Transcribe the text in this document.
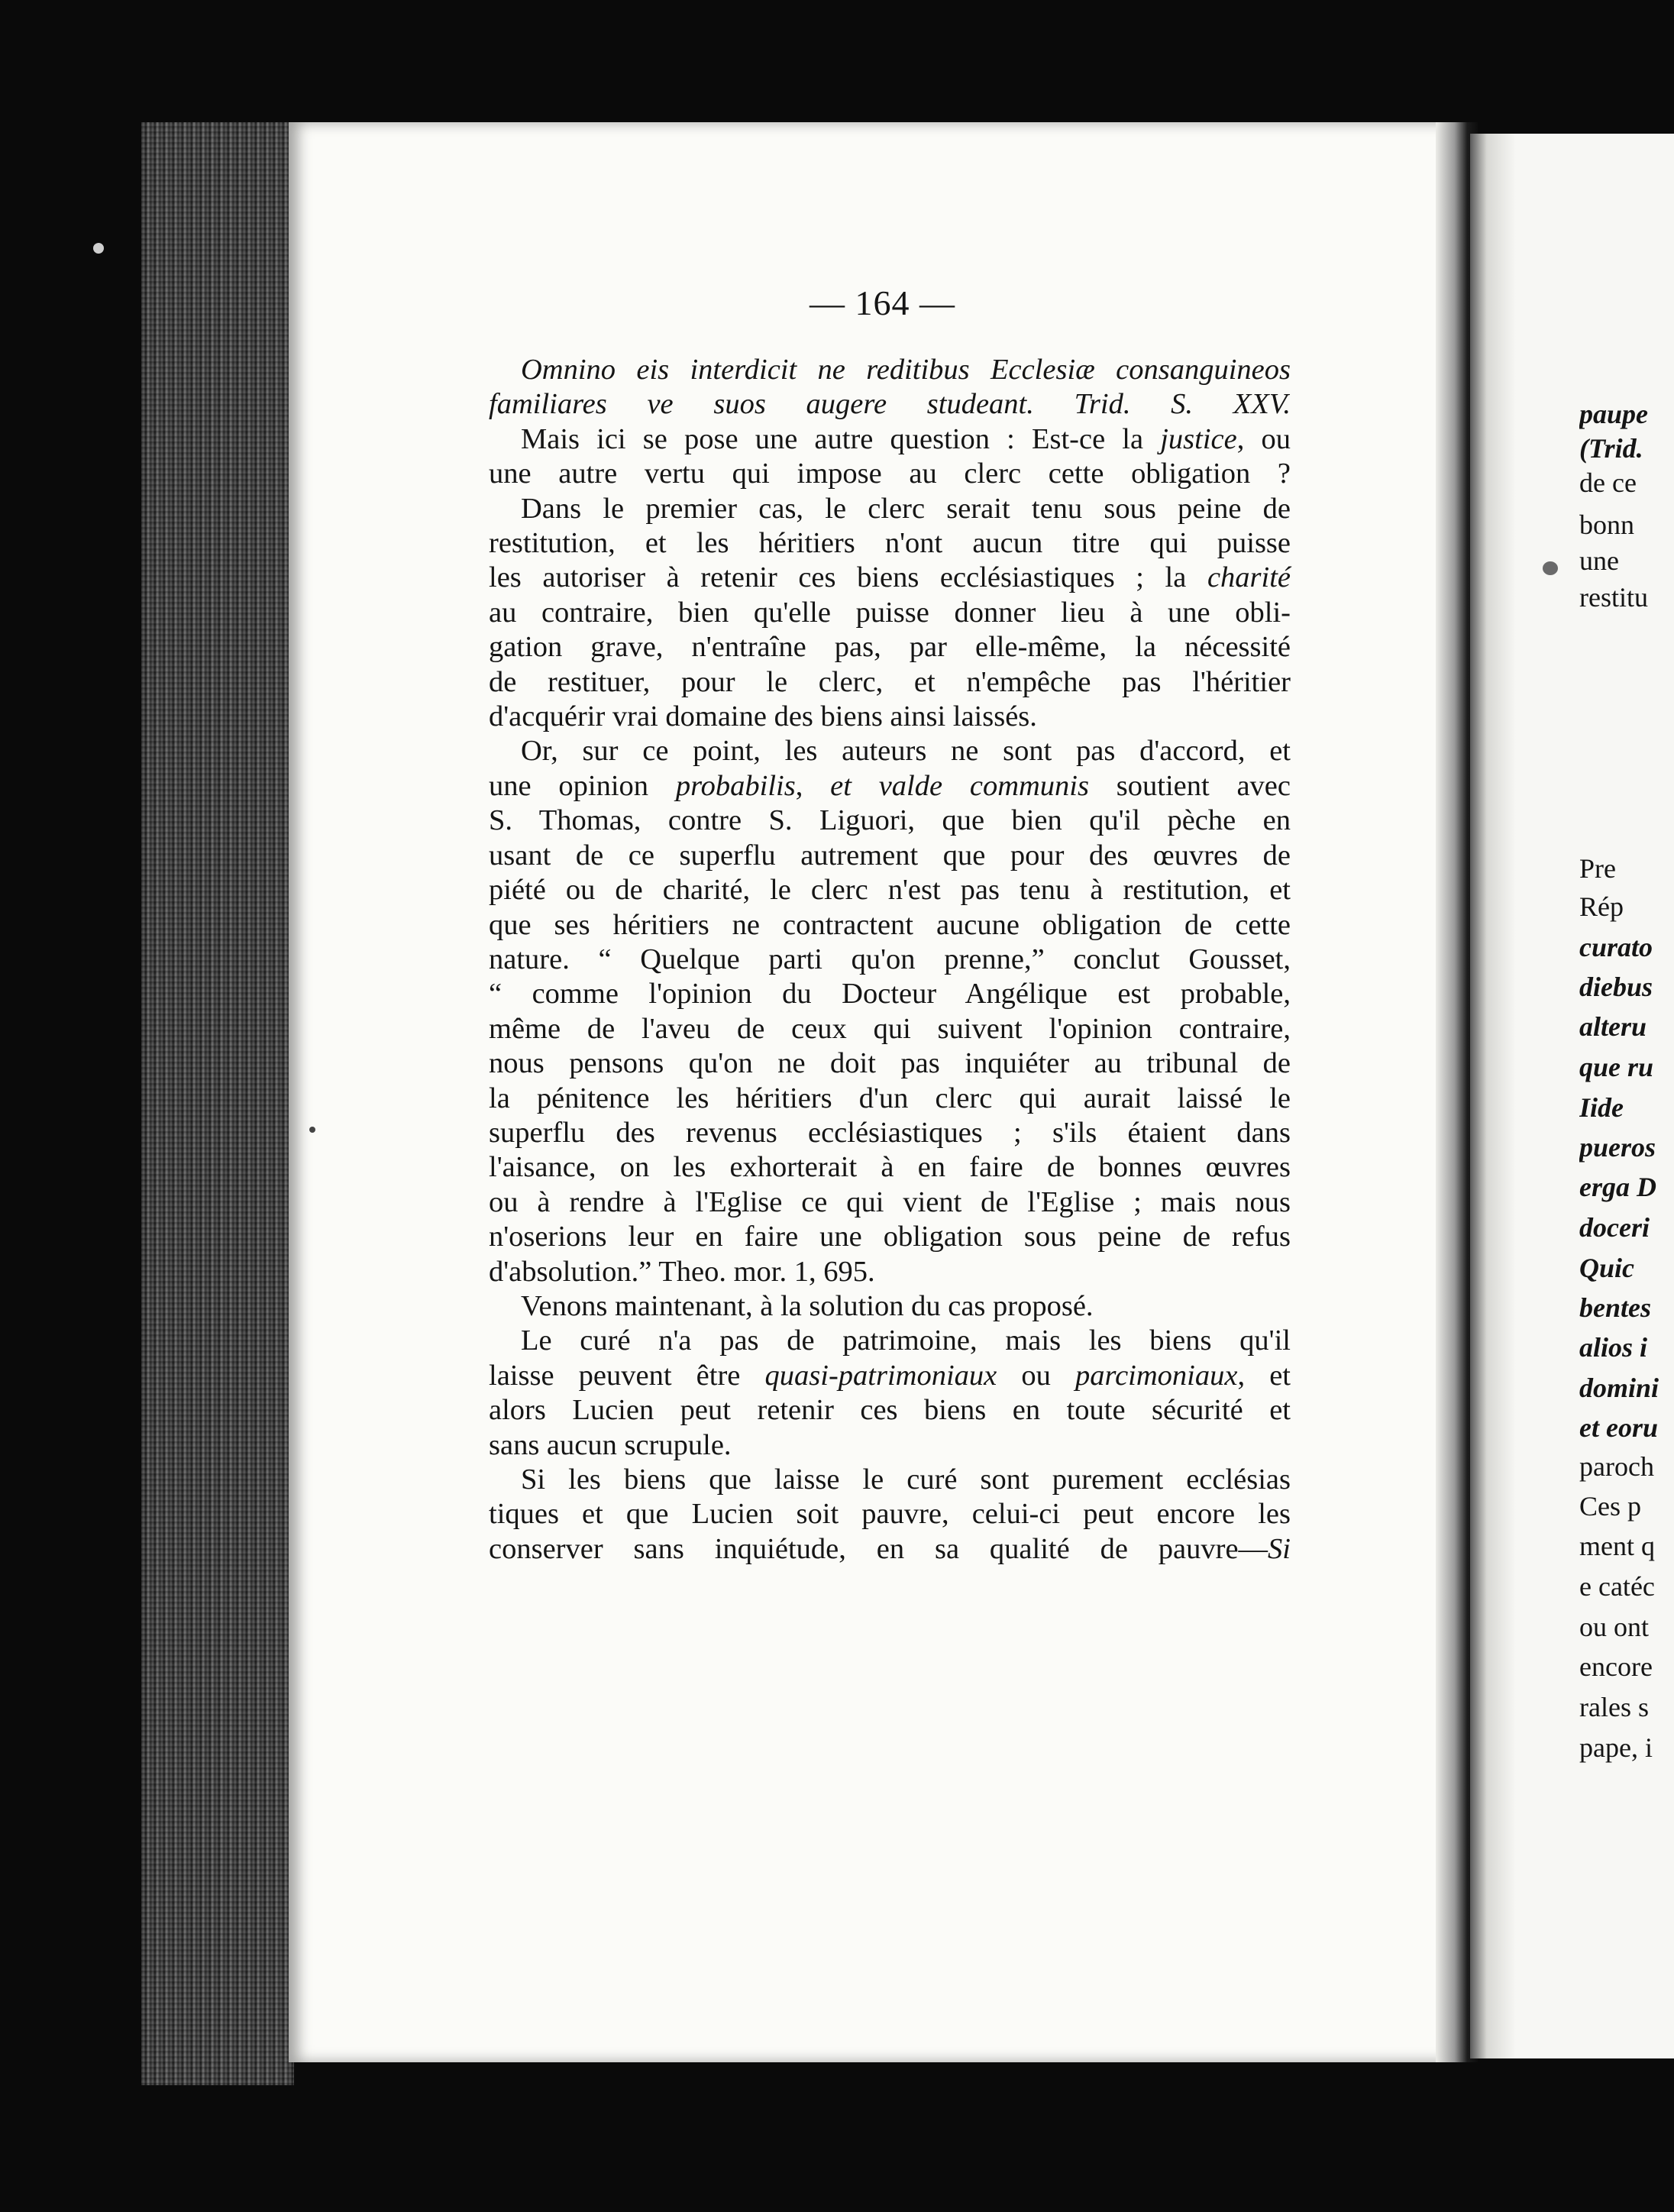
— 164 —
Omnino eis interdicit ne reditibus Ecclesiæ consanguineos
familiares ve suos augere studeant. Trid. S. XXV.
Mais ici se pose une autre question : Est-ce la justice, ou
une autre vertu qui impose au clerc cette obligation ?
Dans le premier cas, le clerc serait tenu sous peine de
restitution, et les héritiers n'ont aucun titre qui puisse
les autoriser à retenir ces biens ecclésiastiques ; la charité
au contraire, bien qu'elle puisse donner lieu à une obli-
gation grave, n'entraîne pas, par elle-même, la nécessité
de restituer, pour le clerc, et n'empêche pas l'héritier
d'acquérir vrai domaine des biens ainsi laissés.
Or, sur ce point, les auteurs ne sont pas d'accord, et
une opinion probabilis, et valde communis soutient avec
S. Thomas, contre S. Liguori, que bien qu'il pèche en
usant de ce superflu autrement que pour des œuvres de
piété ou de charité, le clerc n'est pas tenu à restitution, et
que ses héritiers ne contractent aucune obligation de cette
nature. “ Quelque parti qu'on prenne,” conclut Gousset,
“ comme l'opinion du Docteur Angélique est probable,
même de l'aveu de ceux qui suivent l'opinion contraire,
nous pensons qu'on ne doit pas inquiéter au tribunal de
la pénitence les héritiers d'un clerc qui aurait laissé le
superflu des revenus ecclésiastiques ; s'ils étaient dans
l'aisance, on les exhorterait à en faire de bonnes œuvres
ou à rendre à l'Eglise ce qui vient de l'Eglise ; mais nous
n'oserions leur en faire une obligation sous peine de refus
d'absolution.” Theo. mor. 1, 695.
Venons maintenant, à la solution du cas proposé.
Le curé n'a pas de patrimoine, mais les biens qu'il
laisse peuvent être quasi-patrimoniaux ou parcimoniaux, et
alors Lucien peut retenir ces biens en toute sécurité et
sans aucun scrupule.
Si les biens que laisse le curé sont purement ecclésias
tiques et que Lucien soit pauvre, celui-ci peut encore les
conserver sans inquiétude, en sa qualité de pauvre—Si
paupe
(Trid.
de ce
bonn
une
restitu
Pre
Rép
curato
diebus
alteru
que ru
Iide
pueros
erga D
doceri
Quic
bentes
alios i
domini
et eoru
paroch
Ces p
ment q
e catéc
ou ont
encore
rales s
pape, i
